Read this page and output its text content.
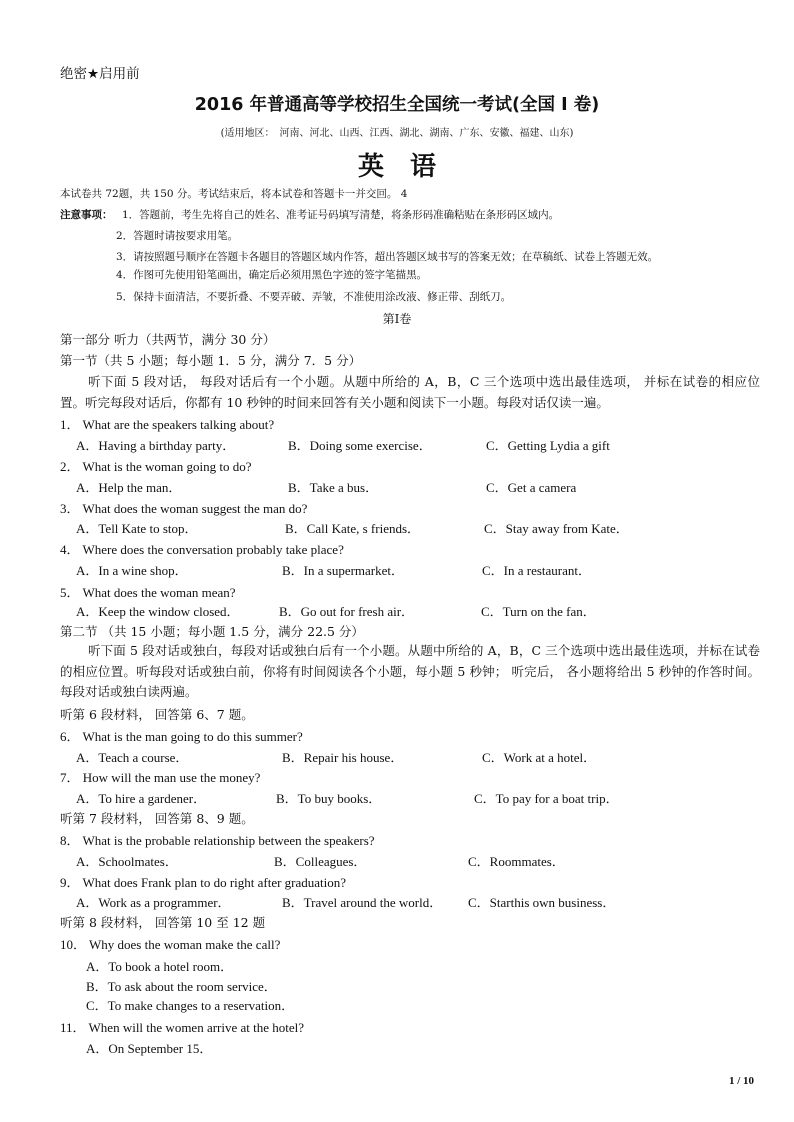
绝密★启用前
2016 年普通高等学校招生全国统一考试(全国 I 卷)
(适用地区：　河南、河北、山西、江西、湖北、湖南、广东、安徽、福建、山东)
英语
本试卷共 72题，共 150 分。考试结束后，将本试卷和答题卡一并交回。 4
注意事项： 1．答题前，考生先将自己的姓名、准考证号码填写清楚，将条形码准确粘贴在条形码区域内。
2．答题时请按要求用笔。
3．请按照题号顺序在答题卡各题目的答题区域内作答，超出答题区域书写的答案无效；在草稿纸、试卷上答题无效。
4．作图可先使用铅笔画出，确定后必须用黑色字迹的签字笔描黑。
5．保持卡面清洁，不要折叠、不要弄破、弄皱，不准使用涂改液、修正带、刮纸刀。
第Ⅰ卷
第一部分 听力（共两节，满分 30 分）
第一节（共 5 小题；每小题 1．5 分，满分 7．5 分）
听下面 5 段对话， 每段对话后有一个小题。从题中所给的 A，B，C 三个选项中选出最佳选项， 并标在试卷的相应位置。听完每段对话后，你都有 10 秒钟的时间来回答有关小题和阅读下一小题。每段对话仅读一遍。
1． What are the speakers talking about?
A．Having a birthday party．	B．Doing some exercise．	C．Getting Lydia a gift
2． What is the woman going to do?
A．Help the man．	B．Take a bus．	C．Get a camera
3． What does the woman suggest the man do?
A．Tell Kate to stop．	B．Call Kate, s friends．	C．Stay away from Kate．
4． Where does the conversation probably take place?
A．In a wine shop．	B．In a supermarket．	C．In a restaurant．
5． What does the woman mean?
A．Keep the window closed．	B．Go out for fresh air．	C．Turn on the fan．
第二节 （共 15 小题；每小题 1.5 分，满分 22.5 分）
听下面 5 段对话或独白，每段对话或独白后有一个小题。从题中所给的 A，B，C 三个选项中选出最佳选项，并标在试卷的相应位置。听每段对话或独白前，你将有时间阅读各个小题，每小题 5 秒钟； 听完后， 各小题将给出 5 秒钟的作答时间。 每段对话或独白读两遍。
听第 6 段材料， 回答第 6、7 题。
6． What is the man going to do this summer?
A．Teach a course．	B．Repair his house．	C．Work at a hotel．
7． How will the man use the money?
A．To hire a gardener．	B．To buy books．	C．To pay for a boat trip．
听第 7 段材料， 回答第 8、9 题。
8． What is the probable relationship between the speakers?
A．Schoolmates．	B．Colleagues．	C．Roommates．
9． What does Frank plan to do right after graduation?
A．Work as a programmer．	B．Travel around the world． C．Starthis own business．
听第 8 段材料， 回答第 10 至 12 题
10． Why does the woman make the call?
A．To book a hotel room．
B．To ask about the room service．
C．To make changes to a reservation．
11． When will the women arrive at the hotel?
A．On September 15．
1 / 10
